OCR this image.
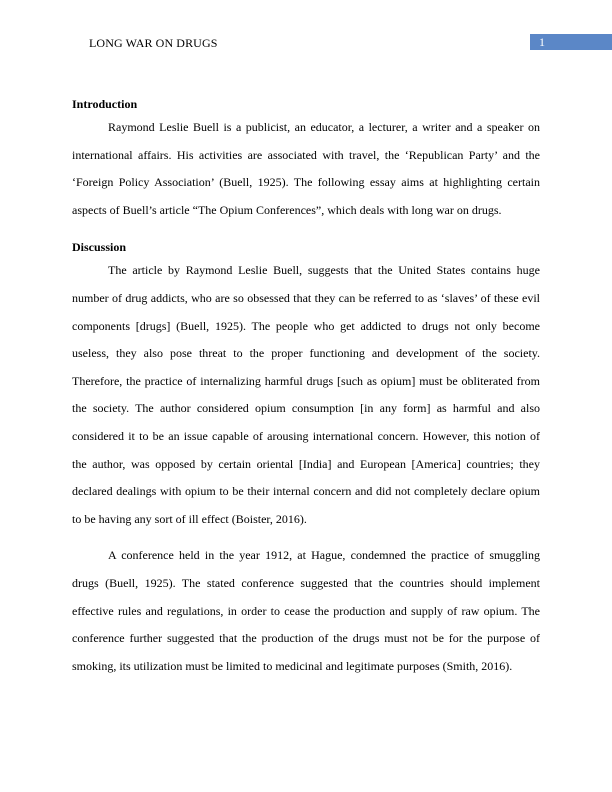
LONG WAR ON DRUGS	1

Introduction

Raymond Leslie Buell is a publicist, an educator, a lecturer, a writer and a speaker on international affairs. His activities are associated with travel, the ‘Republican Party’ and the ‘Foreign Policy Association’ (Buell, 1925). The following essay aims at highlighting certain aspects of Buell’s article “The Opium Conferences”, which deals with long war on drugs.

Discussion

The article by Raymond Leslie Buell, suggests that the United States contains huge number of drug addicts, who are so obsessed that they can be referred to as ‘slaves’ of these evil components [drugs] (Buell, 1925). The people who get addicted to drugs not only become useless, they also pose threat to the proper functioning and development of the society. Therefore, the practice of internalizing harmful drugs [such as opium] must be obliterated from the society. The author considered opium consumption [in any form] as harmful and also considered it to be an issue capable of arousing international concern. However, this notion of the author, was opposed by certain oriental [India] and European [America] countries; they declared dealings with opium to be their internal concern and did not completely declare opium to be having any sort of ill effect (Boister, 2016).

A conference held in the year 1912, at Hague, condemned the practice of smuggling drugs (Buell, 1925). The stated conference suggested that the countries should implement effective rules and regulations, in order to cease the production and supply of raw opium. The conference further suggested that the production of the drugs must not be for the purpose of smoking, its utilization must be limited to medicinal and legitimate purposes (Smith, 2016).
